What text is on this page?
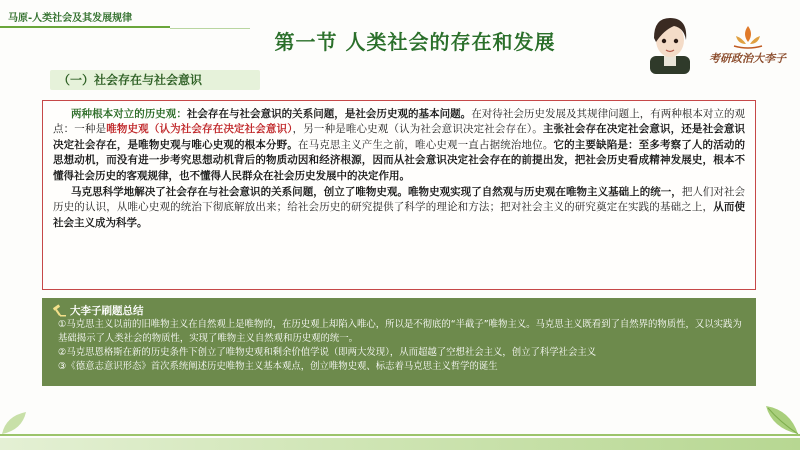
马原-人类社会及其发展规律
第一节 人类社会的存在和发展
考研政治大李子
（一）社会存在与社会意识

两种根本对立的历史观：社会存在与社会意识的关系问题，是社会历史观的基本问题。在对待社会历史发展及其规律问题上，有两种根本对立的观点：一种是唯物史观（认为社会存在决定社会意识），另一种是唯心史观（认为社会意识决定社会存在）。主张社会存在决定社会意识，还是社会意识决定社会存在，是唯物史观与唯心史观的根本分野。在马克思主义产生之前，唯心史观一直占据统治地位。它的主要缺陷是：至多考察了人的活动的思想动机，而没有进一步考究思想动机背后的物质动因和经济根源，因而从社会意识决定社会存在的前提出发，把社会历史看成精神发展史，根本不懂得社会历史的客观规律，也不懂得人民群众在社会历史发展中的决定作用。

马克思科学地解决了社会存在与社会意识的关系问题，创立了唯物史观。唯物史观实现了自然观与历史观在唯物主义基础上的统一，把人们对社会历史的认识，从唯心史观的统治下彻底解放出来；给社会历史的研究提供了科学的理论和方法；把对社会主义的研究奠定在实践的基础之上，从而使社会主义成为科学。

大李子刷题总结

①马克思主义以前的旧唯物主义在自然观上是唯物的，在历史观上却陷入唯心，所以是不彻底的“半截子”唯物主义。马克思主义既看到了自然界的物质性，又以实践为基础揭示了人类社会的物质性，实现了唯物主义自然观和历史观的统一。

②马克思恩格斯在新的历史条件下创立了唯物史观和剩余价值学说（即两大发现），从而超越了空想社会主义，创立了科学社会主义

③《德意志意识形态》首次系统阐述历史唯物主义基本观点，创立唯物史观、标志着马克思主义哲学的诞生
